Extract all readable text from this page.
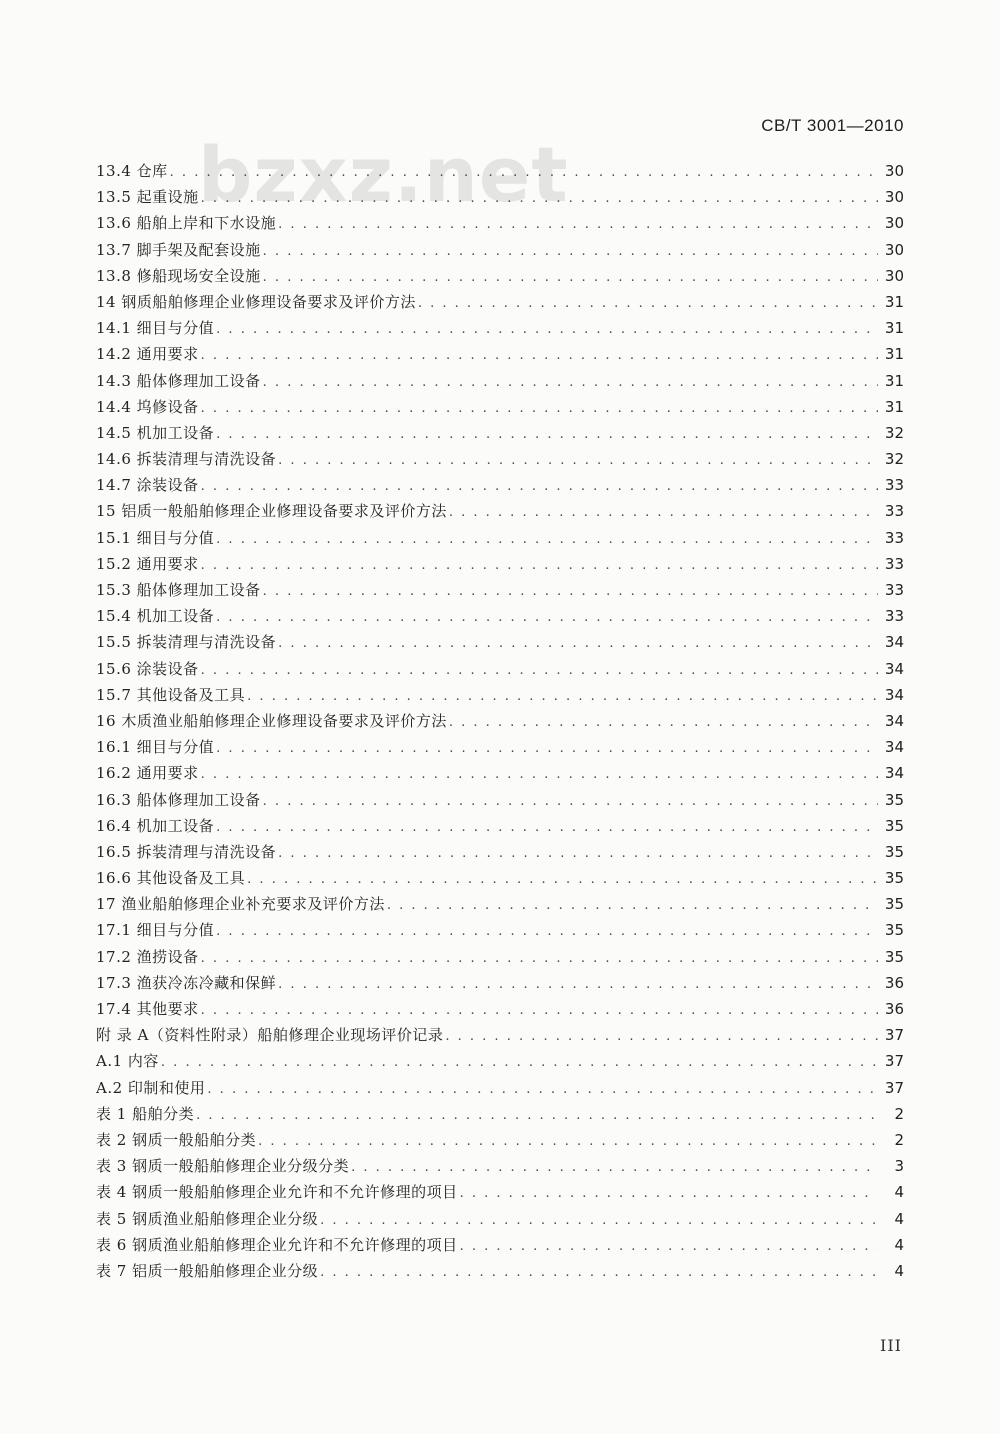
bzxz.net
CB/T 3001—2010
13.4 仓库 . . .	30
13.5 起重设施 . . .	30
13.6 船舶上岸和下水设施 . . .	30
13.7 脚手架及配套设施 . . .	30
13.8 修船现场安全设施 . . .	30
14 钢质船舶修理企业修理设备要求及评价方法 . . .	31
14.1 细目与分值 . . .	31
14.2 通用要求 . . .	31
14.3 船体修理加工设备 . . .	31
14.4 坞修设备 . . .	31
14.5 机加工设备 . . .	32
14.6 拆装清理与清洗设备 . . .	32
14.7 涂装设备 . . .	33
15 铝质一般船舶修理企业修理设备要求及评价方法 . . .	33
15.1 细目与分值 . . .	33
15.2 通用要求 . . .	33
15.3 船体修理加工设备 . . .	33
15.4 机加工设备 . . .	33
15.5 拆装清理与清洗设备 . . .	34
15.6 涂装设备 . . .	34
15.7 其他设备及工具 . . .	34
16 木质渔业船舶修理企业修理设备要求及评价方法 . . .	34
16.1 细目与分值 . . .	34
16.2 通用要求 . . .	34
16.3 船体修理加工设备 . . .	35
16.4 机加工设备 . . .	35
16.5 拆装清理与清洗设备 . . .	35
16.6 其他设备及工具 . . .	35
17 渔业船舶修理企业补充要求及评价方法 . . .	35
17.1 细目与分值 . . .	35
17.2 渔捞设备 . . .	35
17.3 渔获冷冻冷藏和保鲜 . . .	36
17.4 其他要求 . . .	36
附 录 A（资料性附录）船舶修理企业现场评价记录 . . .	37
A.1 内容 . . .	37
A.2 印制和使用 . . .	37
表 1 船舶分类 . . .	2
表 2 钢质一般船舶分类 . . .	2
表 3 钢质一般船舶修理企业分级分类 . . .	3
表 4 钢质一般船舶修理企业允许和不允许修理的项目 . . .	4
表 5 钢质渔业船舶修理企业分级 . . .	4
表 6 钢质渔业船舶修理企业允许和不允许修理的项目 . . .	4
表 7 铝质一般船舶修理企业分级 . . .	4
III
